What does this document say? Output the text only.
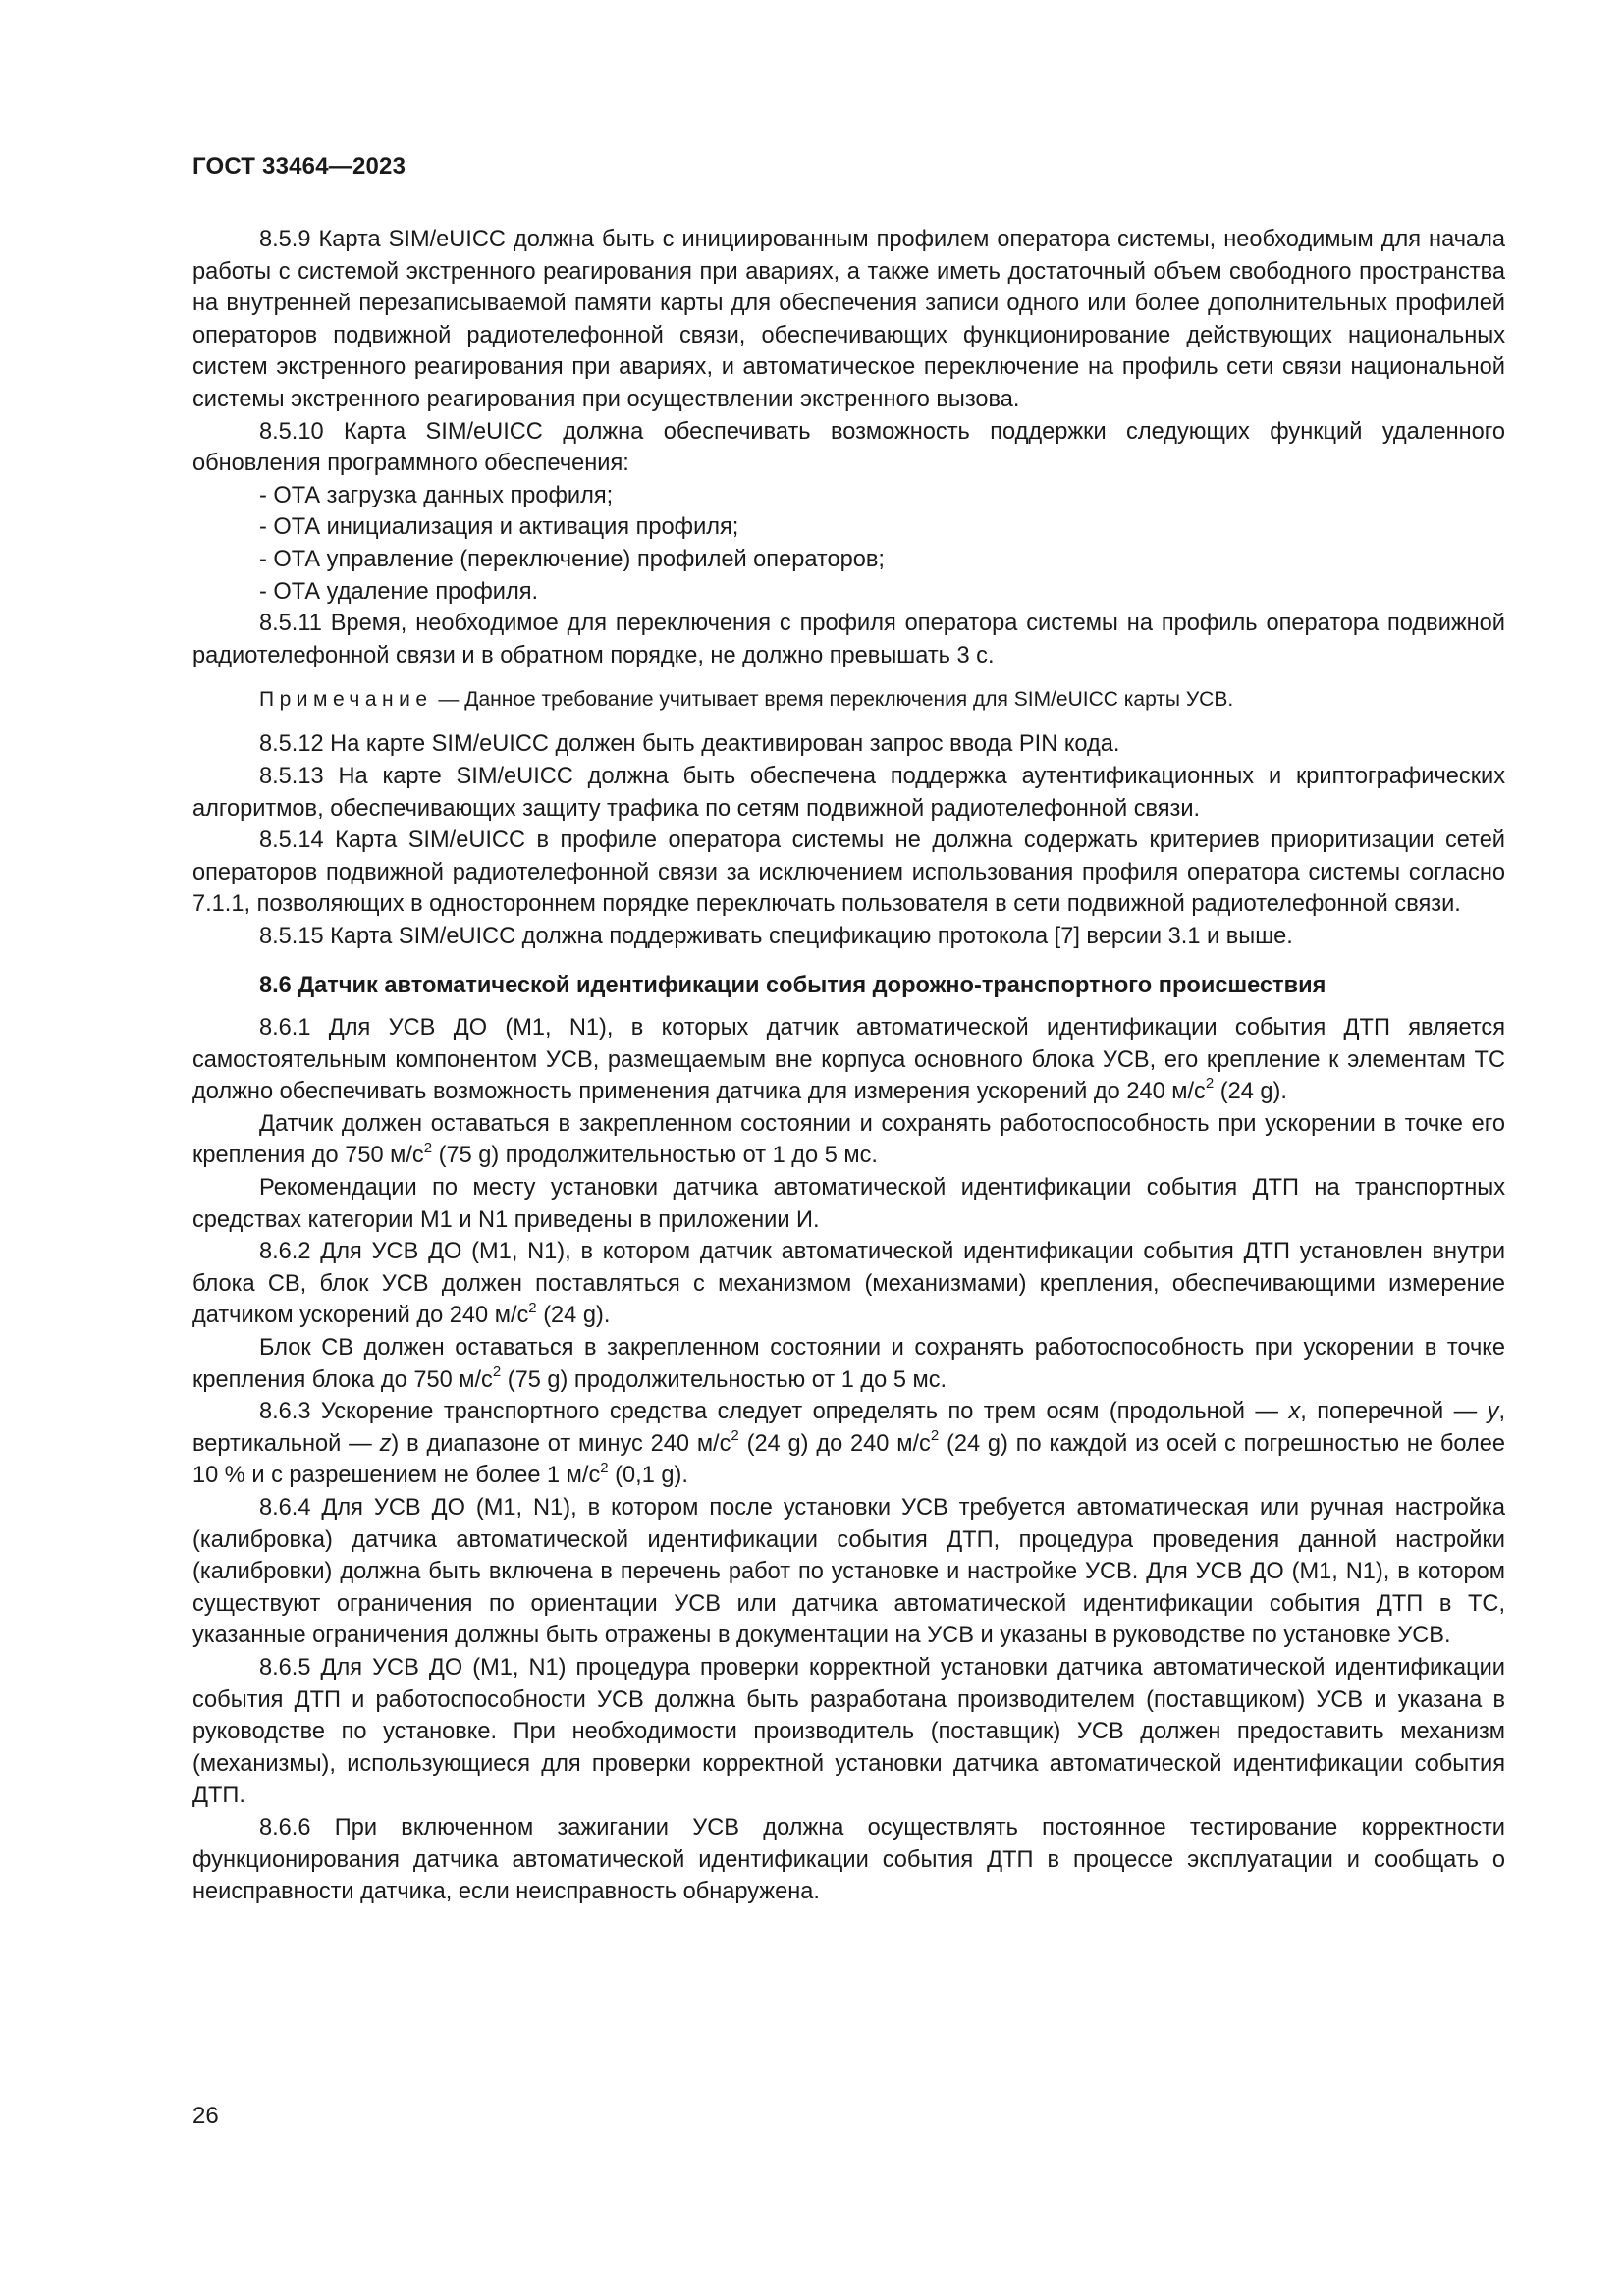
ГОСТ 33464—2023

8.5.9 Карта SIM/eUICC должна быть с инициированным профилем оператора системы, необходимым для начала работы с системой экстренного реагирования при авариях, а также иметь достаточный объем свободного пространства на внутренней перезаписываемой памяти карты для обеспечения записи одного или более дополнительных профилей операторов подвижной радиотелефонной связи, обеспечивающих функционирование действующих национальных систем экстренного реагирования при авариях, и автоматическое переключение на профиль сети связи национальной системы экстренного реагирования при осуществлении экстренного вызова.

8.5.10 Карта SIM/eUICC должна обеспечивать возможность поддержки следующих функций удаленного обновления программного обеспечения:

- ОТА загрузка данных профиля;

- ОТА инициализация и активация профиля;

- ОТА управление (переключение) профилей операторов;

- ОТА удаление профиля.

8.5.11 Время, необходимое для переключения с профиля оператора системы на профиль оператора подвижной радиотелефонной связи и в обратном порядке, не должно превышать 3 с.

Примечание — Данное требование учитывает время переключения для SIM/eUICC карты УСВ.

8.5.12 На карте SIM/eUICC должен быть деактивирован запрос ввода PIN кода.

8.5.13 На карте SIM/eUICC должна быть обеспечена поддержка аутентификационных и криптографических алгоритмов, обеспечивающих защиту трафика по сетям подвижной радиотелефонной связи.

8.5.14 Карта SIM/eUICC в профиле оператора системы не должна содержать критериев приоритизации сетей операторов подвижной радиотелефонной связи за исключением использования профиля оператора системы согласно 7.1.1, позволяющих в одностороннем порядке переключать пользователя в сети подвижной радиотелефонной связи.

8.5.15 Карта SIM/eUICC должна поддерживать спецификацию протокола [7] версии 3.1 и выше.

8.6 Датчик автоматической идентификации события дорожно-транспортного происшествия

8.6.1 Для УСВ ДО (M1, N1), в которых датчик автоматической идентификации события ДТП является самостоятельным компонентом УСВ, размещаемым вне корпуса основного блока УСВ, его крепление к элементам ТС должно обеспечивать возможность применения датчика для измерения ускорений до 240 $м/с^2$ (24 g).

Датчик должен оставаться в закрепленном состоянии и сохранять работоспособность при ускорении в точке его крепления до 750 $м/с^2$ (75 g) продолжительностью от 1 до 5 мс.

Рекомендации по месту установки датчика автоматической идентификации события ДТП на транспортных средствах категории M1 и N1 приведены в приложении И.

8.6.2 Для УСВ ДО (M1, N1), в котором датчик автоматической идентификации события ДТП установлен внутри блока СВ, блок УСВ должен поставляться с механизмом (механизмами) крепления, обеспечивающими измерение датчиком ускорений до 240 $м/с^2$ (24 g).

Блок СВ должен оставаться в закрепленном состоянии и сохранять работоспособность при ускорении в точке крепления блока до 750 $м/с^2$ (75 g) продолжительностью от 1 до 5 мс.

8.6.3 Ускорение транспортного средства следует определять по трем осям (продольной — x, поперечной — y, вертикальной — z) в диапазоне от минус 240 $м/с^2$ (24 g) до 240 $м/с^2$ (24 g) по каждой из осей с погрешностью не более 10 % и с разрешением не более 1 $м/с^2$ (0,1 g).

8.6.4 Для УСВ ДО (M1, N1), в котором после установки УСВ требуется автоматическая или ручная настройка (калибровка) датчика автоматической идентификации события ДТП, процедура проведения данной настройки (калибровки) должна быть включена в перечень работ по установке и настройке УСВ. Для УСВ ДО (M1, N1), в котором существуют ограничения по ориентации УСВ или датчика автоматической идентификации события ДТП в ТС, указанные ограничения должны быть отражены в документации на УСВ и указаны в руководстве по установке УСВ.

8.6.5 Для УСВ ДО (M1, N1) процедура проверки корректной установки датчика автоматической идентификации события ДТП и работоспособности УСВ должна быть разработана производителем (поставщиком) УСВ и указана в руководстве по установке. При необходимости производитель (поставщик) УСВ должен предоставить механизм (механизмы), использующиеся для проверки корректной установки датчика автоматической идентификации события ДТП.

8.6.6 При включенном зажигании УСВ должна осуществлять постоянное тестирование корректности функционирования датчика автоматической идентификации события ДТП в процессе эксплуатации и сообщать о неисправности датчика, если неисправность обнаружена.

26
